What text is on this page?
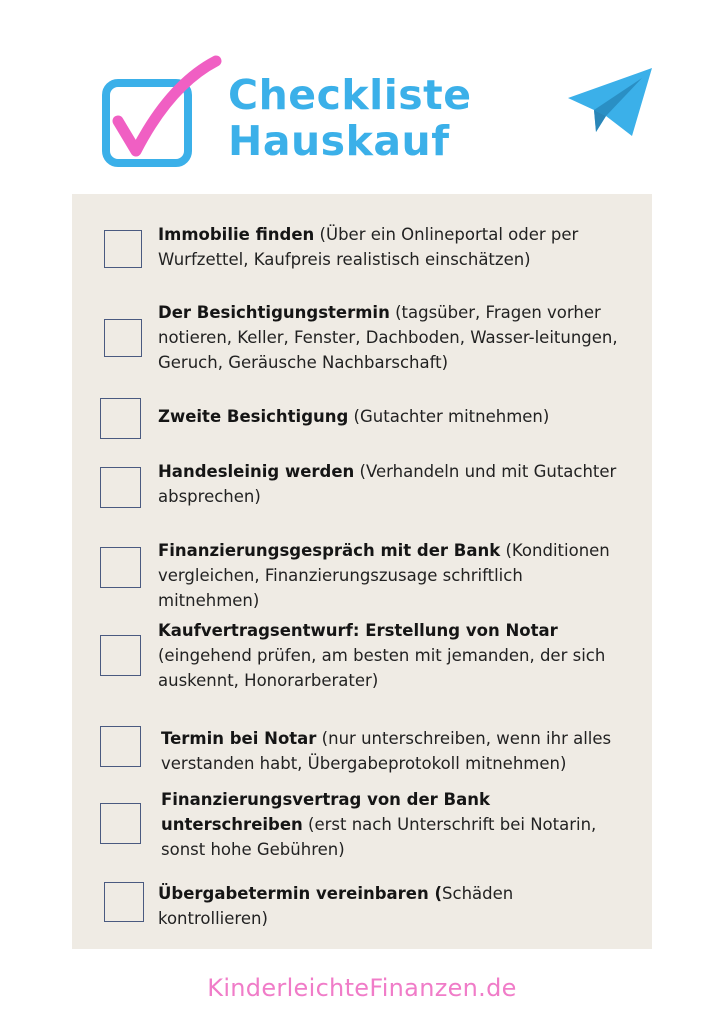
Checkliste
Hauskauf
Immobilie finden (Über ein Onlineportal oder per Wurfzettel, Kaufpreis realistisch einschätzen)
Der Besichtigungstermin (tagsüber, Fragen vorher notieren, Keller, Fenster, Dachboden, Wasser-leitungen, Geruch, Geräusche Nachbarschaft)
Zweite Besichtigung (Gutachter mitnehmen)
Handesleinig werden (Verhandeln und mit Gutachter absprechen)
Finanzierungsgespräch mit der Bank (Konditionen vergleichen, Finanzierungszusage schriftlich mitnehmen)
Kaufvertragsentwurf: Erstellung von Notar (eingehend prüfen, am besten mit jemanden, der sich auskennt, Honorarberater)
Termin bei Notar (nur unterschreiben, wenn ihr alles verstanden habt, Übergabeprotokoll mitnehmen)
Finanzierungsvertrag von der Bank unterschreiben (erst nach Unterschrift bei Notarin, sonst hohe Gebühren)
Übergabetermin vereinbaren (Schäden kontrollieren)
KinderleichteFinanzen.de
